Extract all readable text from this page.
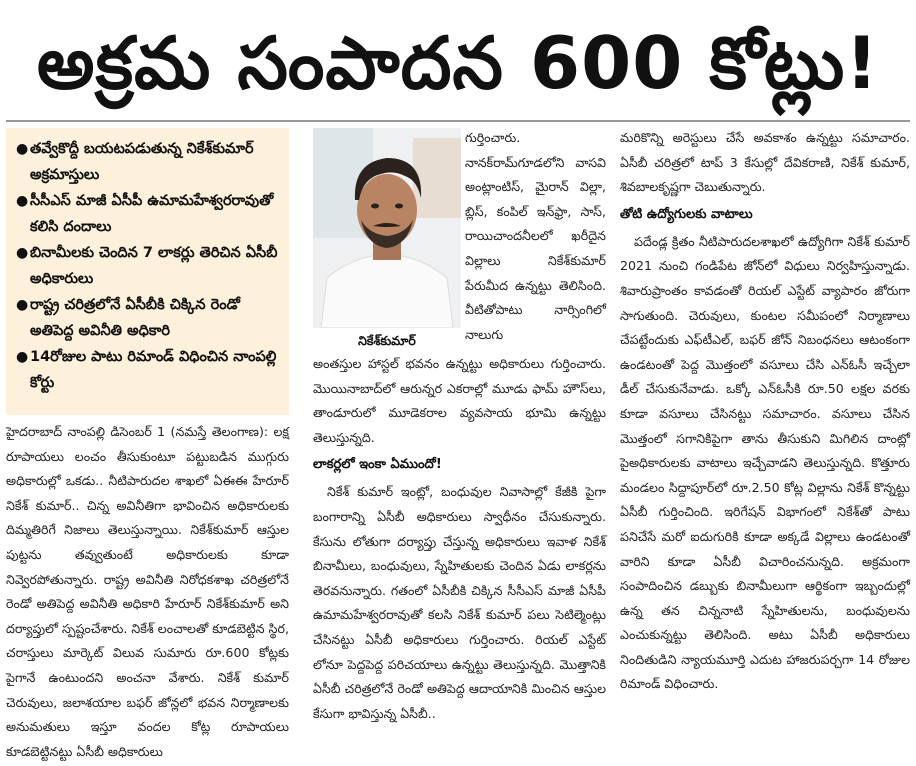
అక్రమ సంపాదన 600 కోట్లు!
● తవ్వేకొద్దీ బయటపడుతున్న నికేశ్‌కుమార్ అక్రమాస్తులు
● సీసీఎస్ మాజీ ఏసీపీ ఉమామహేశ్వరరావుతో కలిసి దందాలు
● బినామీలకు చెందిన 7 లాకర్లు తెరిచిన ఏసీబీ అధికారులు
● రాష్ట్ర చరిత్రలోనే ఏసీబీకి చిక్కిన రెండో అతిపెద్ద అవినీతి అధికారి
● 14రోజుల పాటు రిమాండ్ విధించిన నాంపల్లి కోర్టు

హైదరాబాద్ నాంపల్లి డిసెంబర్ 1 (నమస్తే తెలంగాణ): లక్ష రూపాయలు లంచం తీసుకుంటూ పట్టుబడిన ముగ్గురు అధికారుల్లో ఒకడు.. నీటిపారుదల శాఖలో ఏఈఈ హేరూర్ నికేశ్ కుమార్.. చిన్న అవినీతిగా భావించిన అధికారులకు దిమ్మతిరిగే నిజాలు తెలుస్తున్నాయి. నికేశ్‌కుమార్ ఆస్తుల పుట్టను తవ్వుతుంటే అధికారులకు కూడా నివ్వెరపోతున్నారు. రాష్ట్ర అవినీతి నిరోధకశాఖ చరిత్రలోనే రెండో అతిపెద్ద అవినీతి అధికారి హేరూర్ నికేశ్‌కుమార్ అని దర్యాప్తులో స్పష్టంచేశారు. నికేశ్ లంచాలతో కూడబెట్టిన స్థిర, చరాస్తులు మార్కెట్ విలువ సుమారు రూ.600 కోట్లకు పైగానే ఉంటుందని అంచనా వేశారు. నికేశ్ కుమార్ చెరువులు, జలాశయాల బఫర్ జోన్లలో భవన నిర్మాణాలకు అనుమతులు ఇస్తూ వందల కోట్ల రూపాయలు కూడబెట్టినట్టు ఏసీబీ అధికారులు

నికేశ్‌కుమార్

గుర్తించారు. నానక్‌రామ్‌గూడలోని వాసవి అంట్లాంటిస్, మైరాన్ విల్లా, బ్లిస్, కంపిల్ ఇన్‌ఫ్రా, సాస్, రాయిచాందనీలలో ఖరీదైన విల్లాలు నికేశ్‌కుమార్ పేరుమీద ఉన్నట్టు తెలిసింది. వీటితోపాటు నార్సింగిలో నాలుగు

అంతస్తుల హాస్టల్ భవనం ఉన్నట్టు అధికారులు గుర్తించారు. మొయినాబాద్‌లో ఆరున్నర ఎకరాల్లో మూడు ఫామ్ హౌస్‌లు, తాండూరులో మూడెకరాల వ్యవసాయ భూమి ఉన్నట్టు తెలుస్తున్నది.

లాకర్లలో ఇంకా ఏముందో!

నికేశ్ కుమార్ ఇంట్లో, బంధువుల నివాసాల్లో కేజీకి పైగా బంగారాన్ని ఏసీబీ అధికారులు స్వాధీనం చేసుకున్నారు. కేసును లోతుగా దర్యాప్తు చేస్తున్న అధికారులు ఇవాళ నికేశ్ బినామీలు, బంధువులు, స్నేహితులకు చెందిన ఏడు లాకర్లను తెరవనున్నారు. గతంలో ఏసీబీకి చిక్కిన సీసీఎస్ మాజీ ఏసీపీ ఉమామహేశ్వరరావుతో కలసి నికేశ్ కుమార్ పలు సెటిల్మెంట్లు చేసినట్టు ఏసీబీ అధికారులు గుర్తించారు. రియల్ ఎస్టేట్ లోనూ పెద్దపెద్ద పరిచయాలు ఉన్నట్టు తెలుస్తున్నది. మొత్తానికి ఏసీబీ చరిత్రలోనే రెండో అతిపెద్ద ఆదాయానికి మించిన ఆస్తుల కేసుగా భావిస్తున్న ఏసీబీ..

మరికొన్ని అరెస్టులు చేసే అవకాశం ఉన్నట్టు సమాచారం. ఏసీబీ చరిత్రలో టాప్ 3 కేసుల్లో దేవికరాణి, నికేశ్ కుమార్, శివబాలకృష్ణగా చెబుతున్నారు.

తోటి ఉద్యోగులకు వాటాలు

పదేండ్ల క్రితం నీటిపారుదలశాఖలో ఉద్యోగిగా నికేశ్ కుమార్ 2021 నుంచి గండిపేట జోన్‌లో విధులు నిర్వహిస్తున్నాడు. శివారుప్రాంతం కావడంతో రియల్ ఎస్టేట్ వ్యాపారం జోరుగా సాగుతుంది. చెరువులు, కుంటల సమీపంలో నిర్మాణాలు చేపట్టేందుకు ఎఫ్‌టీఎల్, బఫర్ జోన్ నిబంధనలు ఆటంకంగా ఉండటంతో పెద్ద మొత్తంలో వసూలు చేసి ఎన్‌ఓసీ ఇచ్చేలా డీల్ చేసుకునేవాడు. ఒక్కో ఎన్‌ఓసీకి రూ.50 లక్షల వరకు కూడా వసూలు చేసినట్టు సమాచారం. వసూలు చేసిన మొత్తంలో సగానికిపైగా తాను తీసుకుని మిగిలిన దాంట్లో పైఅధికారులకు వాటాలు ఇచ్చేవాడని తెలుస్తున్నది. కొత్తూరు మండలం సిద్దాపూర్‌లో రూ.2.50 కోట్ల విల్లాను నికేశ్ కొన్నట్టు ఏసీబీ గుర్తించింది. ఇరిగేషన్ విభాగంలో నికేశ్‌తో పాటు పనిచేసే మరో ఐదుగురికి కూడా అక్కడే విల్లాలు ఉండటంతో వారిని కూడా ఏసీబీ విచారించనున్నది. అక్రమంగా సంపాదించిన డబ్బుకు బినామీలుగా ఆర్థికంగా ఇబ్బందుల్లో ఉన్న తన చిన్ననాటి స్నేహితులను, బంధువులను ఎంచుకున్నట్టు తెలిసింది. అటు ఏసీబీ అధికారులు నిందితుడిని న్యాయమూర్తి ఎదుట హాజరుపర్చగా 14 రోజుల రిమాండ్ విధించారు.
